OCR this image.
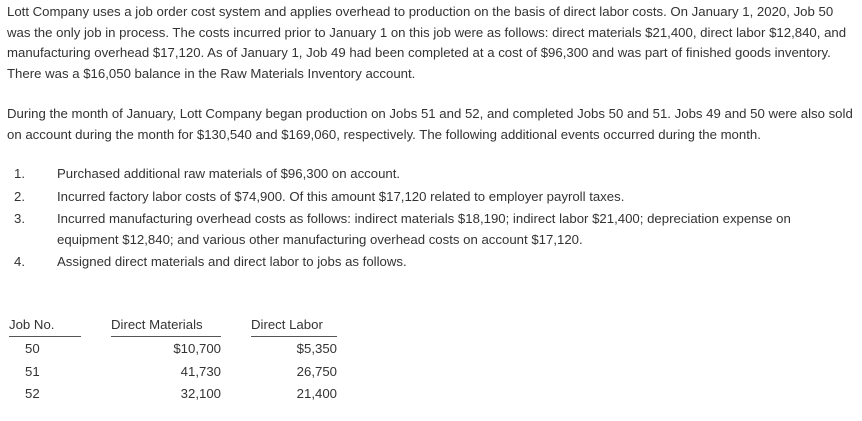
Lott Company uses a job order cost system and applies overhead to production on the basis of direct labor costs. On January 1, 2020, Job 50 was the only job in process. The costs incurred prior to January 1 on this job were as follows: direct materials $21,400, direct labor $12,840, and manufacturing overhead $17,120. As of January 1, Job 49 had been completed at a cost of $96,300 and was part of finished goods inventory. There was a $16,050 balance in the Raw Materials Inventory account.

During the month of January, Lott Company began production on Jobs 51 and 52, and completed Jobs 50 and 51. Jobs 49 and 50 were also sold on account during the month for $130,540 and $169,060, respectively. The following additional events occurred during the month.

1.	Purchased additional raw materials of $96,300 on account.
2.	Incurred factory labor costs of $74,900. Of this amount $17,120 related to employer payroll taxes.
3.	Incurred manufacturing overhead costs as follows: indirect materials $18,190; indirect labor $21,400; depreciation expense on equipment $12,840; and various other manufacturing overhead costs on account $17,120.
4.	Assigned direct materials and direct labor to jobs as follows.
Job No.		Direct Materials		Direct Labor
50		$10,700		$5,350
51		41,730		26,750
52		32,100		21,400
